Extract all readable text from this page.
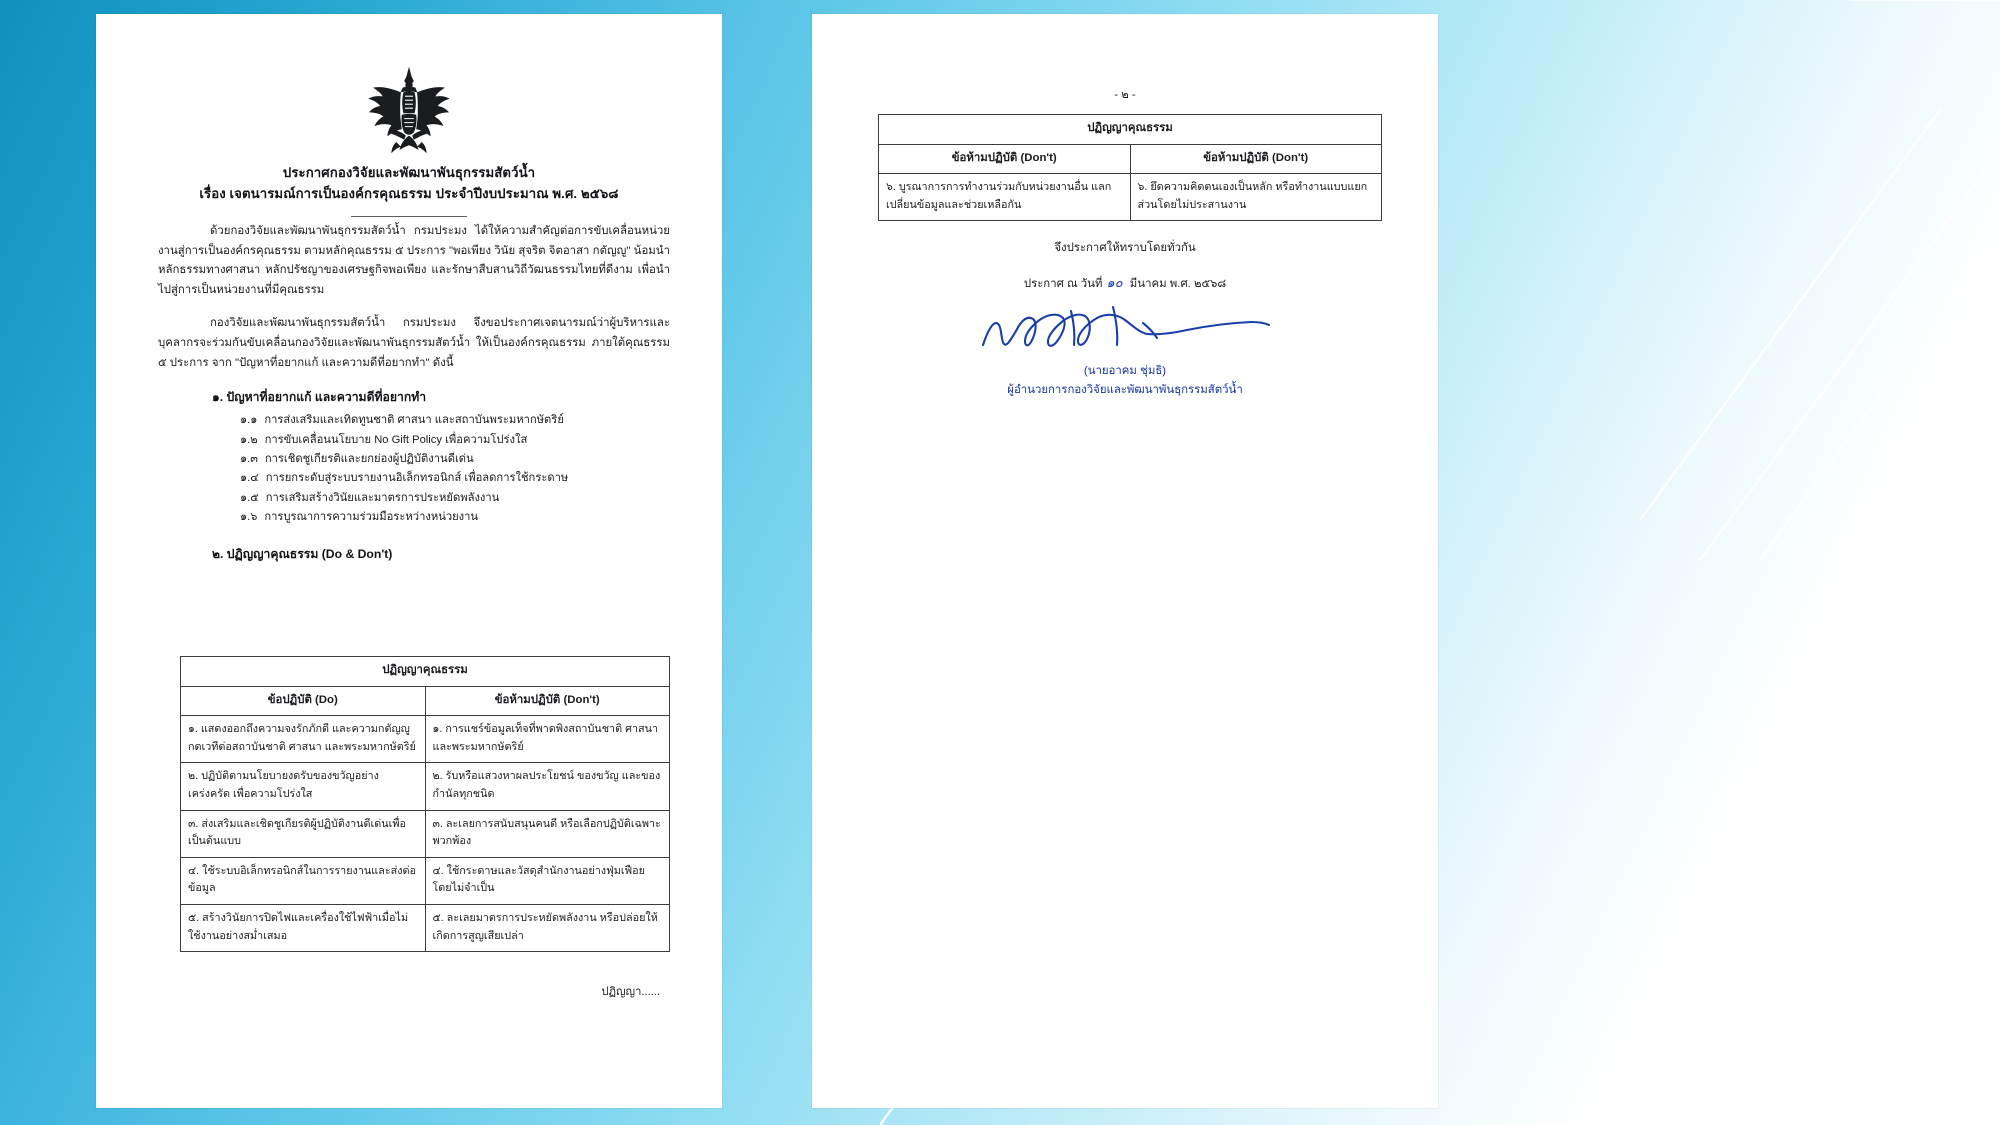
ประกาศกองวิจัยและพัฒนาพันธุกรรมสัตว์น้ำ
เรื่อง เจตนารมณ์การเป็นองค์กรคุณธรรม ประจำปีงบประมาณ พ.ศ. ๒๕๖๘
ด้วยกองวิจัยและพัฒนาพันธุกรรมสัตว์น้ำ กรมประมง ได้ให้ความสำคัญต่อการขับเคลื่อนหน่วยงานสู่การเป็นองค์กรคุณธรรม ตามหลักคุณธรรม ๕ ประการ "พอเพียง วินัย สุจริต จิตอาสา กตัญญู" น้อมนำหลักธรรมทางศาสนา หลักปรัชญาของเศรษฐกิจพอเพียง และรักษาสืบสานวิถีวัฒนธรรมไทยที่ดีงาม เพื่อนำไปสู่การเป็นหน่วยงานที่มีคุณธรรม
กองวิจัยและพัฒนาพันธุกรรมสัตว์น้ำ กรมประมง จึงขอประกาศเจตนารมณ์ว่าผู้บริหารและบุคลากรจะร่วมกันขับเคลื่อนกองวิจัยและพัฒนาพันธุกรรมสัตว์น้ำ ให้เป็นองค์กรคุณธรรม ภายใต้คุณธรรม ๕ ประการ จาก "ปัญหาที่อยากแก้ และความดีที่อยากทำ" ดังนี้
๑. ปัญหาที่อยากแก้ และความดีที่อยากทำ
๑.๑ การส่งเสริมและเทิดทูนชาติ ศาสนา และสถาบันพระมหากษัตริย์
๑.๒ การขับเคลื่อนนโยบาย No Gift Policy เพื่อความโปร่งใส
๑.๓ การเชิดชูเกียรติและยกย่องผู้ปฏิบัติงานดีเด่น
๑.๔ การยกระดับสู่ระบบรายงานอิเล็กทรอนิกส์ เพื่อลดการใช้กระดาษ
๑.๕ การเสริมสร้างวินัยและมาตรการประหยัดพลังงาน
๑.๖ การบูรณาการความร่วมมือระหว่างหน่วยงาน
๒. ปฏิญญาคุณธรรม (Do & Don't)
ปฏิญญาคุณธรรม	
ข้อปฏิบัติ (Do)	ข้อห้ามปฏิบัติ (Don't)
๑. แสดงออกถึงความจงรักภักดี และความกตัญญูกตเวทีต่อสถาบันชาติ ศาสนา และพระมหากษัตริย์	๑. การแชร์ข้อมูลเท็จที่พาดพิงสถาบันชาติ ศาสนา และพระมหากษัตริย์
๒. ปฏิบัติตามนโยบายงดรับของขวัญอย่างเคร่งครัด เพื่อความโปร่งใส	๒. รับหรือแสวงหาผลประโยชน์ ของขวัญ และของกำนัลทุกชนิด
๓. ส่งเสริมและเชิดชูเกียรติผู้ปฏิบัติงานดีเด่นเพื่อเป็นต้นแบบ	๓. ละเลยการสนับสนุนคนดี หรือเลือกปฏิบัติเฉพาะพวกพ้อง
๔. ใช้ระบบอิเล็กทรอนิกส์ในการรายงานและส่งต่อข้อมูล	๔. ใช้กระดาษและวัสดุสำนักงานอย่างฟุ่มเฟือยโดยไม่จำเป็น
๕. สร้างวินัยการปิดไฟและเครื่องใช้ไฟฟ้าเมื่อไม่ใช้งานอย่างสม่ำเสมอ	๕. ละเลยมาตรการประหยัดพลังงาน หรือปล่อยให้เกิดการสูญเสียเปล่า
ปฏิญญา......
- ๒ -
ปฏิญญาคุณธรรม	
ข้อห้ามปฏิบัติ (Don't)	ข้อห้ามปฏิบัติ (Don't)
๖. บูรณาการการทำงานร่วมกับหน่วยงานอื่น แลกเปลี่ยนข้อมูลและช่วยเหลือกัน	๖. ยึดความคิดตนเองเป็นหลัก หรือทำงานแบบแยกส่วนโดยไม่ประสานงาน
จึงประกาศให้ทราบโดยทั่วกัน
ประกาศ ณ วันที่ ๑๐ มีนาคม พ.ศ. ๒๕๖๘
(นายอาคม ชุ่มธิ)
ผู้อำนวยการกองวิจัยและพัฒนาพันธุกรรมสัตว์น้ำ
